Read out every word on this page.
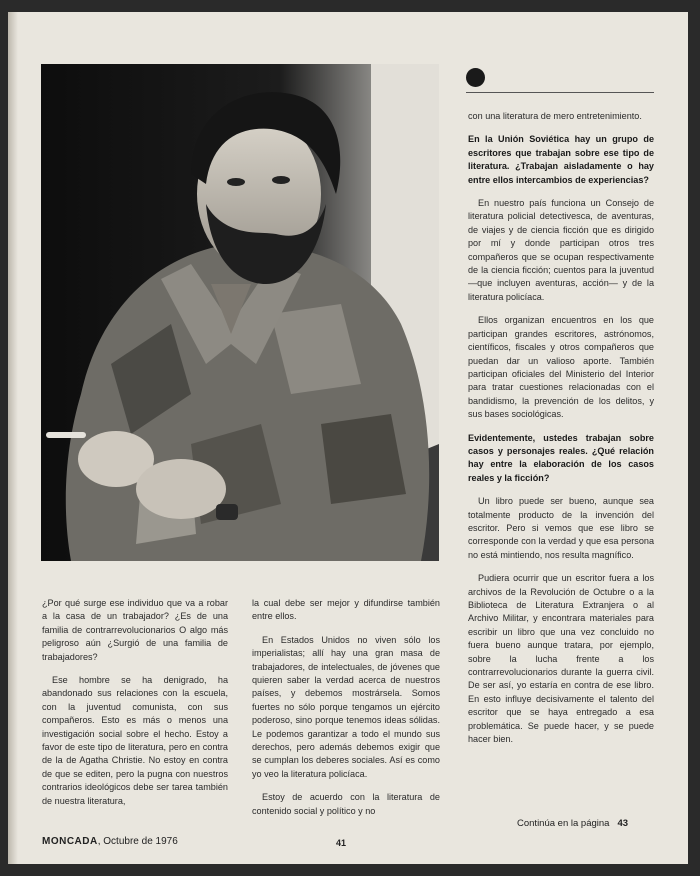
con una literatura de mero entretenimiento.

En la Unión Soviética hay un grupo de escritores que trabajan sobre ese tipo de literatura. ¿Trabajan aisladamente o hay entre ellos intercambios de experiencias?

En nuestro país funciona un Consejo de literatura policial detectivesca, de aventuras, de viajes y de ciencia ficción que es dirigido por mí y donde participan otros tres compañeros que se ocupan respectivamente de la ciencia ficción; cuentos para la juventud —que incluyen aventuras, acción— y de la literatura policíaca.

Ellos organizan encuentros en los que participan grandes escritores, astrónomos, científicos, fiscales y otros compañeros que puedan dar un valioso aporte. También participan oficiales del Ministerio del Interior para tratar cuestiones relacionadas con el bandidismo, la prevención de los delitos, y sus bases sociológicas.

Evidentemente, ustedes trabajan sobre casos y personajes reales. ¿Qué relación hay entre la elaboración de los casos reales y la ficción?

Un libro puede ser bueno, aunque sea totalmente producto de la invención del escritor. Pero si vemos que ese libro se corresponde con la verdad y que esa persona no está mintiendo, nos resulta magnífico.

Pudiera ocurrir que un escritor fuera a los archivos de la Revolución de Octubre o a la Biblioteca de Literatura Extranjera o al Archivo Militar, y encontrara materiales para escribir un libro que una vez concluido no fuera bueno aunque tratara, por ejemplo, sobre la lucha frente a los contrarrevolucionarios durante la guerra civil. De ser así, yo estaría en contra de ese libro. En esto influye decisivamente el talento del escritor que se haya entregado a esa problemática. Se puede hacer, y se puede hacer bien.

¿Por qué surge ese individuo que va a robar a la casa de un trabajador? ¿Es de una familia de contrarrevolucionarios O algo más peligroso aún ¿Surgió de una familia de trabajadores?

Ese hombre se ha denigrado, ha abandonado sus relaciones con la escuela, con la juventud comunista, con sus compañeros. Esto es más o menos una investigación social sobre el hecho. Estoy a favor de este tipo de literatura, pero en contra de la de Agatha Christie. No estoy en contra de que se editen, pero la pugna con nuestros contrarios ideológicos debe ser tarea también de nuestra literatura,

la cual debe ser mejor y difundirse también entre ellos.

En Estados Unidos no viven sólo los imperialistas; allí hay una gran masa de trabajadores, de intelectuales, de jóvenes que quieren saber la verdad acerca de nuestros países, y debemos mostrársela. Somos fuertes no sólo porque tengamos un ejército poderoso, sino porque tenemos ideas sólidas. Le podemos garantizar a todo el mundo sus derechos, pero además debemos exigir que se cumplan los deberes sociales. Así es como yo veo la literatura policíaca.

Estoy de acuerdo con la literatura de contenido social y político y no

MONCADA, Octubre de 1976	41
Continúa en la página 43
